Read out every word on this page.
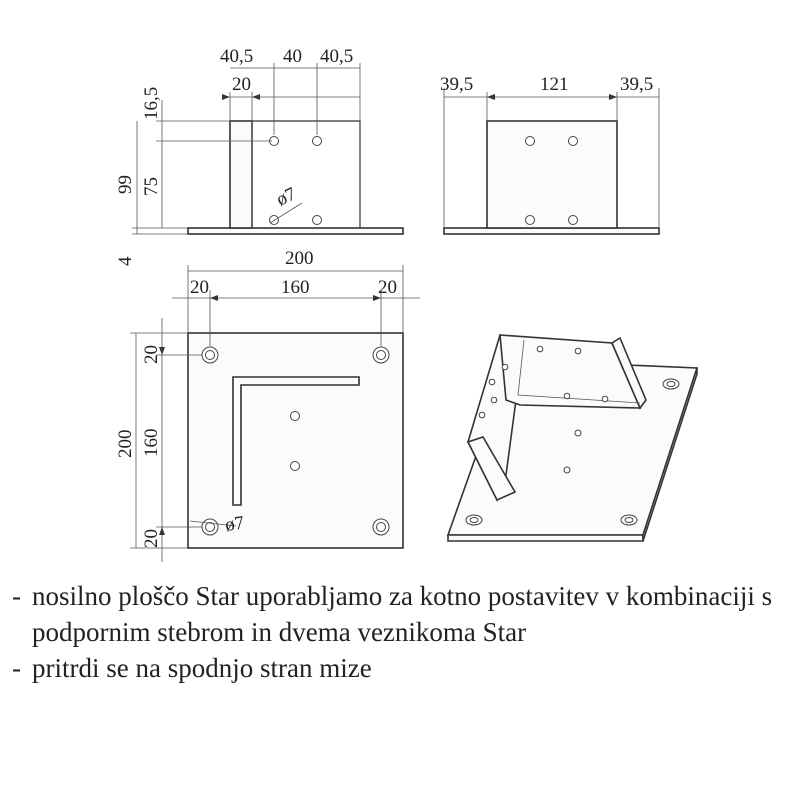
40,5 40 40,5
20
16,5
75
99
4
ø7
39,5	121	39,5
200
20	160	20
20
160
20
200
ø7
- nosilno ploščo Star uporabljamo za kotno postavitev v kombinaciji s podpornim stebrom in dvema veznikoma Star
- pritrdi se na spodnjo stran mize
